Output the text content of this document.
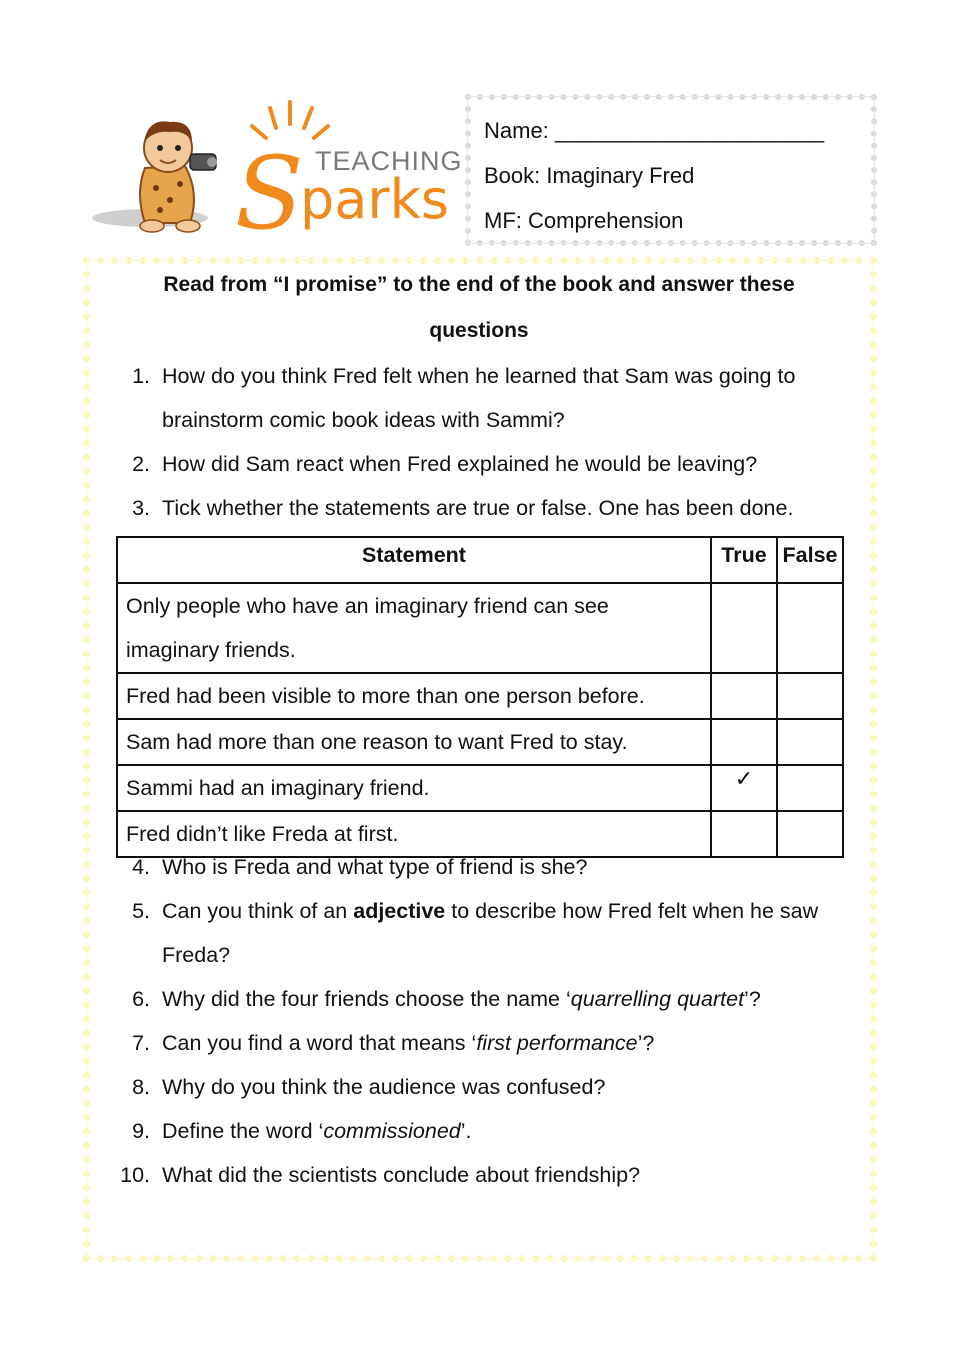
S TEACHING
parks
Name: ______________________
Book: Imaginary Fred
MF: Comprehension
Read from “I promise” to the end of the book and answer these
questions
1. How do you think Fred felt when he learned that Sam was going to
brainstorm comic book ideas with Sammi?
2. How did Sam react when Fred explained he would be leaving?
3. Tick whether the statements are true or false. One has been done.
Statement	True	False

Only people who have an imaginary friend can see
imaginary friends.		

Fred had been visible to more than one person before.	

Sam had more than one reason to want Fred to stay.	

Sammi had an imaginary friend.	✓	

Fred didn’t like Freda at first.	

4. Who is Freda and what type of friend is she?
5. Can you think of an adjective to describe how Fred felt when he saw
Freda?
6. Why did the four friends choose the name ‘quarrelling quartet’?
7. Can you find a word that means ‘first performance’?
8. Why do you think the audience was confused?
9. Define the word ‘commissioned’.
10. What did the scientists conclude about friendship?
